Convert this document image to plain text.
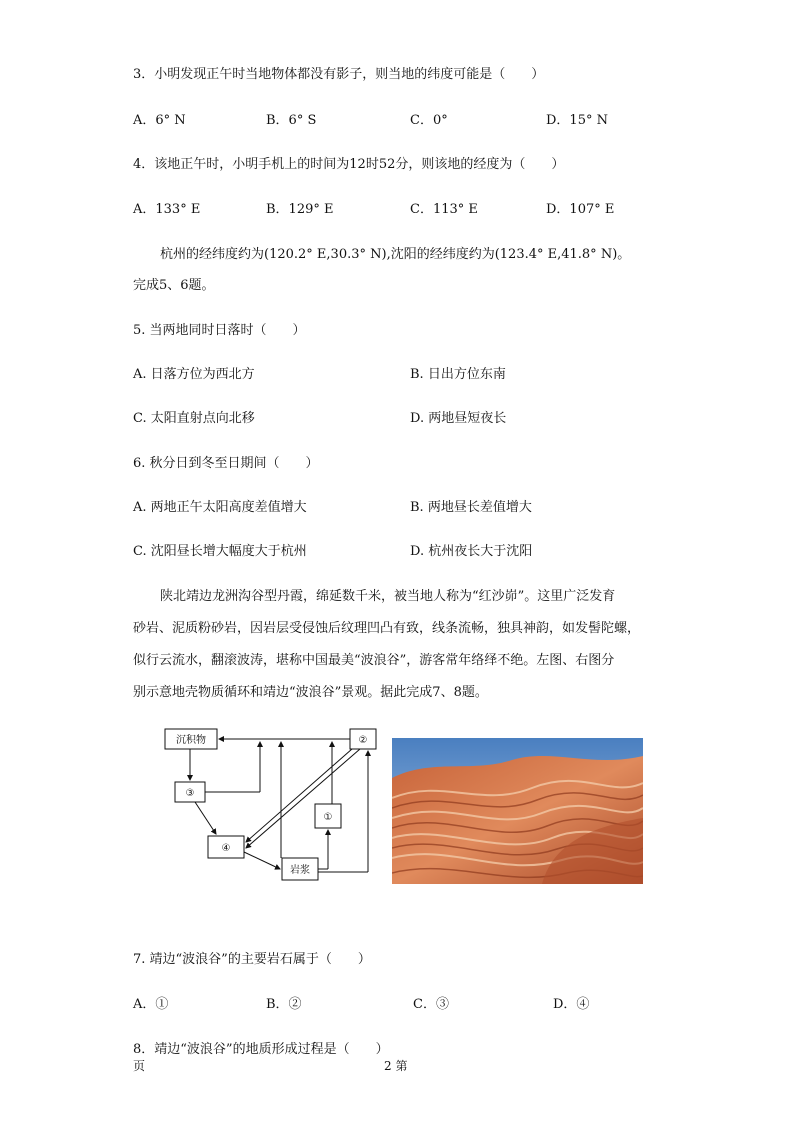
3．小明发现正午时当地物体都没有影子，则当地的纬度可能是（　　）
A．6° N	B．6° S	C．0°	D．15° N
4．该地正午时，小明手机上的时间为12时52分，则该地的经度为（　　）
A．133° E	B．129° E	C．113° E	D．107° E
杭州的经纬度约为(120.2° E,30.3° N),沈阳的经纬度约为(123.4° E,41.8° N)。
完成5、6题。
5. 当两地同时日落时（　　）
A. 日落方位为西北方	B. 日出方位东南
C. 太阳直射点向北移	D. 两地昼短夜长
6. 秋分日到冬至日期间（　　）
A. 两地正午太阳高度差值增大	B. 两地昼长差值增大
C. 沈阳昼长增大幅度大于杭州	D. 杭州夜长大于沈阳
陕北靖边龙洲沟谷型丹霞，绵延数千米，被当地人称为“红沙峁”。这里广泛发育
砂岩、泥质粉砂岩，因岩层受侵蚀后纹理凹凸有致，线条流畅，独具神韵，如发髻陀螺，
似行云流水，翻滚波涛，堪称中国最美“波浪谷”，游客常年络绎不绝。左图、右图分
别示意地壳物质循环和靖边“波浪谷”景观。据此完成7、8题。
沉积物	②
③
①
④
岩浆
7. 靖边“波浪谷”的主要岩石属于（　　）
A．①	B．②	C．③	D．④
8．靖边“波浪谷”的地质形成过程是（　　）
页	2 第
